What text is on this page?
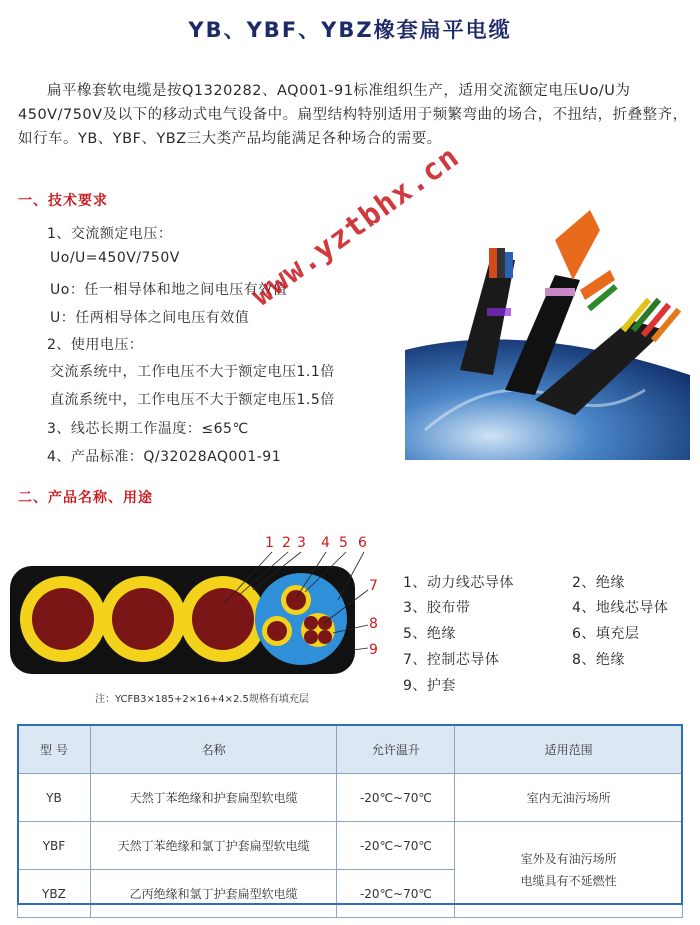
YB、YBF、YBZ橡套扁平电缆
扁平橡套软电缆是按Q1320282、AQ001-91标准组织生产，适用交流额定电压Uo/U为450V/750V及以下的移动式电气设备中。扁型结构特别适用于频繁弯曲的场合，不扭结，折叠整齐，如行车。YB、YBF、YBZ三大类产品均能满足各种场合的需要。
一、技术要求
1、交流额定电压：
Uo/U=450V/750V
Uo：任一相导体和地之间电压有效值
U：任两相导体之间电压有效值
2、使用电压：
交流系统中，工作电压不大于额定电压1.1倍
直流系统中，工作电压不大于额定电压1.5倍
3、线芯长期工作温度：≤65℃
4、产品标准：Q/32028AQ001-91
www.yztbhx.cn
二、产品名称、用途
1 2 3 4 5 6
7
8
9
注：YCFB3×185+2×16+4×2.5规格有填充层
1、动力线芯导体	2、绝缘
3、胶布带	4、地线芯导体
5、绝缘	6、填充层
7、控制芯导体	8、绝缘
9、护套
型 号	名称	允许温升	适用范围
YB	天然丁苯绝缘和护套扁型软电缆	-20℃~70℃	室内无油污场所
YBF	天然丁苯绝缘和氯丁护套扁型软电缆	-20℃~70℃	室外及有油污场所
电缆具有不延燃性

YBZ	乙丙绝缘和氯丁护套扁型软电缆	-20℃~70℃	
